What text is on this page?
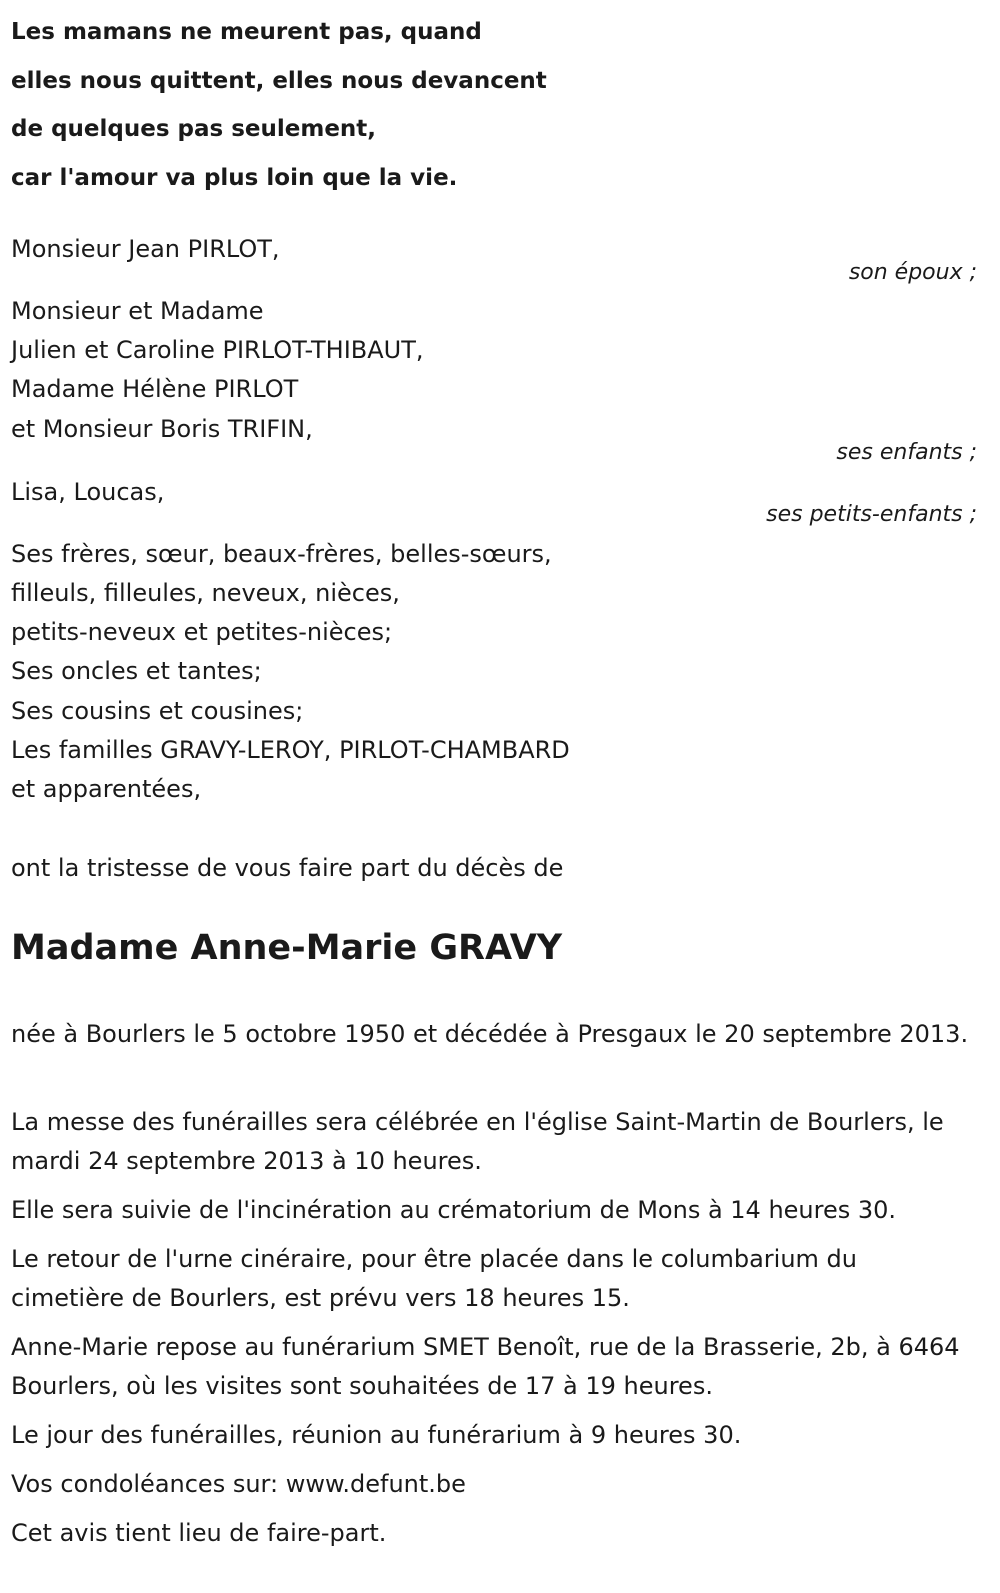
Les mamans ne meurent pas, quand
elles nous quittent, elles nous devancent
de quelques pas seulement,
car l'amour va plus loin que la vie.
Monsieur Jean PIRLOT,
son époux ;
Monsieur et Madame
Julien et Caroline PIRLOT-THIBAUT,
Madame Hélène PIRLOT
et Monsieur Boris TRIFIN,
ses enfants ;
Lisa, Loucas,
ses petits-enfants ;
Ses frères, sœur, beaux-frères, belles-sœurs,
filleuls, filleules, neveux, nièces,
petits-neveux et petites-nièces;
Ses oncles et tantes;
Ses cousins et cousines;
Les familles GRAVY-LEROY, PIRLOT-CHAMBARD
et apparentées,
ont la tristesse de vous faire part du décès de
Madame Anne-Marie GRAVY
née à Bourlers le 5 octobre 1950 et décédée à Presgaux le 20 septembre 2013.
La messe des funérailles sera célébrée en l'église Saint-Martin de Bourlers, le mardi 24 septembre 2013 à 10 heures.
Elle sera suivie de l'incinération au crématorium de Mons à 14 heures 30.
Le retour de l'urne cinéraire, pour être placée dans le columbarium du cimetière de Bourlers, est prévu vers 18 heures 15.
Anne-Marie repose au funérarium SMET Benoît, rue de la Brasserie, 2b, à 6464 Bourlers, où les visites sont souhaitées de 17 à 19 heures.
Le jour des funérailles, réunion au funérarium à 9 heures 30.
Vos condoléances sur: www.defunt.be
Cet avis tient lieu de faire-part.
